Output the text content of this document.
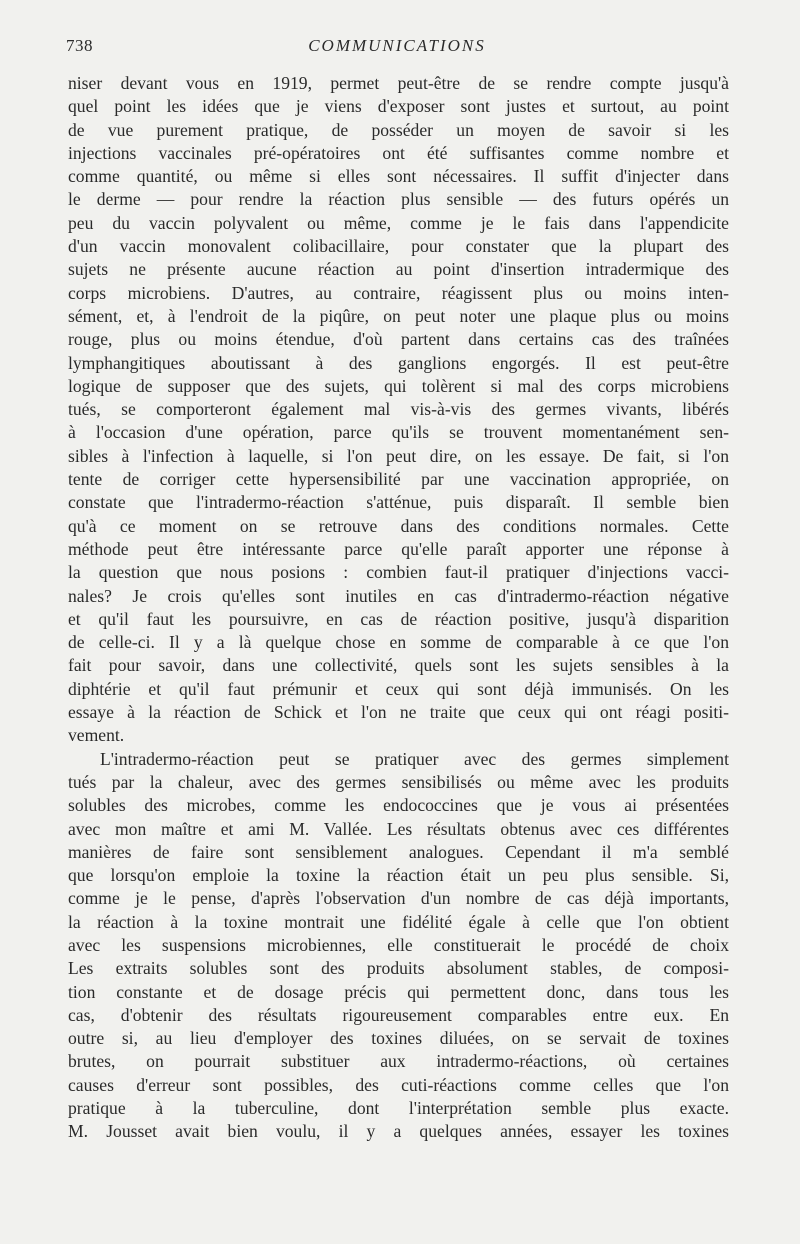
738	COMMUNICATIONS
niser devant vous en 1919, permet peut-être de se rendre compte jusqu'à
quel point les idées que je viens d'exposer sont justes et surtout, au point
de vue purement pratique, de posséder un moyen de savoir si les
injections vaccinales pré-opératoires ont été suffisantes comme nombre et
comme quantité, ou même si elles sont nécessaires. Il suffit d'injecter dans
le derme — pour rendre la réaction plus sensible — des futurs opérés un
peu du vaccin polyvalent ou même, comme je le fais dans l'appendicite
d'un vaccin monovalent colibacillaire, pour constater que la plupart des
sujets ne présente aucune réaction au point d'insertion intradermique des
corps microbiens. D'autres, au contraire, réagissent plus ou moins inten-
sément, et, à l'endroit de la piqûre, on peut noter une plaque plus ou moins
rouge, plus ou moins étendue, d'où partent dans certains cas des traînées
lymphangitiques aboutissant à des ganglions engorgés. Il est peut-être
logique de supposer que des sujets, qui tolèrent si mal des corps microbiens
tués, se comporteront également mal vis-à-vis des germes vivants, libérés
à l'occasion d'une opération, parce qu'ils se trouvent momentanément sen-
sibles à l'infection à laquelle, si l'on peut dire, on les essaye. De fait, si l'on
tente de corriger cette hypersensibilité par une vaccination appropriée, on
constate que l'intradermo-réaction s'atténue, puis disparaît. Il semble bien
qu'à ce moment on se retrouve dans des conditions normales. Cette
méthode peut être intéressante parce qu'elle paraît apporter une réponse à
la question que nous posions : combien faut-il pratiquer d'injections vacci-
nales? Je crois qu'elles sont inutiles en cas d'intradermo-réaction négative
et qu'il faut les poursuivre, en cas de réaction positive, jusqu'à disparition
de celle-ci. Il y a là quelque chose en somme de comparable à ce que l'on
fait pour savoir, dans une collectivité, quels sont les sujets sensibles à la
diphtérie et qu'il faut prémunir et ceux qui sont déjà immunisés. On les
essaye à la réaction de Schick et l'on ne traite que ceux qui ont réagi positi-
vement.
L'intradermo-réaction peut se pratiquer avec des germes simplement
tués par la chaleur, avec des germes sensibilisés ou même avec les produits
solubles des microbes, comme les endococcines que je vous ai présentées
avec mon maître et ami M. Vallée. Les résultats obtenus avec ces différentes
manières de faire sont sensiblement analogues. Cependant il m'a semblé
que lorsqu'on emploie la toxine la réaction était un peu plus sensible. Si,
comme je le pense, d'après l'observation d'un nombre de cas déjà importants,
la réaction à la toxine montrait une fidélité égale à celle que l'on obtient
avec les suspensions microbiennes, elle constituerait le procédé de choix
Les extraits solubles sont des produits absolument stables, de composi-
tion constante et de dosage précis qui permettent donc, dans tous les
cas, d'obtenir des résultats rigoureusement comparables entre eux. En
outre si, au lieu d'employer des toxines diluées, on se servait de toxines
brutes, on pourrait substituer aux intradermo-réactions, où certaines
causes d'erreur sont possibles, des cuti-réactions comme celles que l'on
pratique à la tuberculine, dont l'interprétation semble plus exacte.
M. Jousset avait bien voulu, il y a quelques années, essayer les toxines
